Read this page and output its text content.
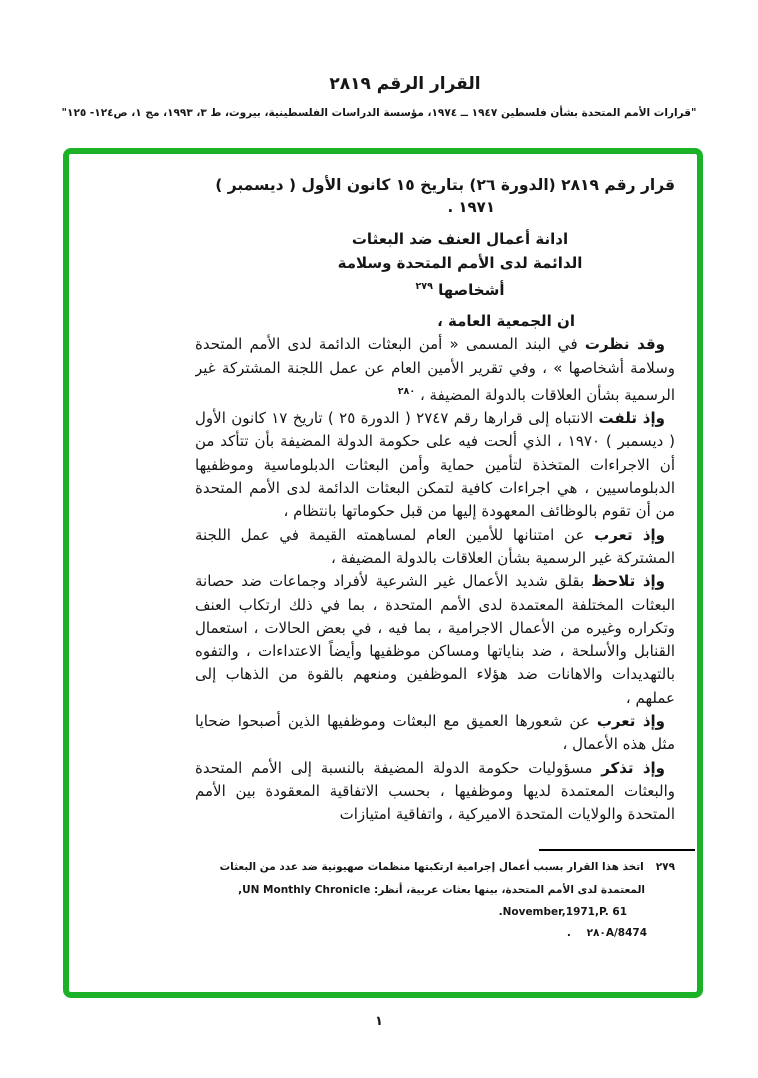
القرار الرقم ٢٨١٩
"قرارات الأمم المتحدة بشأن فلسطين ١٩٤٧ ــ ١٩٧٤، مؤسسة الدراسات الفلسطينية، بيروت، ط ٣، ١٩٩٣، مج ١، ص١٢٤- ١٢٥"
قرار رقم ٢٨١٩ (الدورة ٢٦) بتاريخ ١٥ كانون الأول ( ديسمبر )
١٩٧١ .
ادانة أعمال العنف ضد البعثات
الدائمة لدى الأمم المتحدة وسلامة
أشخاصها $^{٢٧٩}$

ان الجمعية العامة ،

وقد نظرت في البند المسمى « أمن البعثات الدائمة لدى الأمم المتحدة وسلامة أشخاصها » ، وفي تقرير الأمين العام عن عمل اللجنة المشتركة غير الرسمية بشأن العلاقات بالدولة المضيفة ، $^{٢٨٠}$

وإذ تلفت الانتباه إلى قرارها رقم ٢٧٤٧ ( الدورة ٢٥ ) تاريخ ١٧ كانون الأول ( ديسمبر ) ١٩٧٠ ، الذي ألحت فيه على حكومة الدولة المضيفة بأن تتأكد من أن الاجراءات المتخذة لتأمين حماية وأمن البعثات الدبلوماسية وموظفيها الدبلوماسيين ، هي اجراءات كافية لتمكن البعثات الدائمة لدى الأمم المتحدة من أن تقوم بالوظائف المعهودة إليها من قبل حكوماتها بانتظام ،

وإذ تعرب عن امتنانها للأمين العام لمساهمته القيمة في عمل اللجنة المشتركة غير الرسمية بشأن العلاقات بالدولة المضيفة ،

وإذ تلاحظ بقلق شديد الأعمال غير الشرعية لأفراد وجماعات ضد حصانة البعثات المختلفة المعتمدة لدى الأمم المتحدة ، بما في ذلك ارتكاب العنف وتكراره وغيره من الأعمال الاجرامية ، بما فيه ، في بعض الحالات ، استعمال القنابل والأسلحة ، ضد بناياتها ومساكن موظفيها وأيضاً الاعتداءات ، والتفوه بالتهديدات والاهانات ضد هؤلاء الموظفين ومنعهم بالقوة من الذهاب إلى عملهم ،

وإذ تعرب عن شعورها العميق مع البعثات وموظفيها الذين أصبحوا ضحايا مثل هذه الأعمال ،

وإذ تذكر مسؤوليات حكومة الدولة المضيفة بالنسبة إلى الأمم المتحدة والبعثات المعتمدة لديها وموظفيها ، بحسب الاتفاقية المعقودة بين الأمم المتحدة والولايات المتحدة الاميركية ، واتفاقية امتيازات

٢٧٩اتخذ هذا القرار بسبب أعمال إجرامية ارتكبتها منظمات صهيونية ضد عدد من البعثات
المعتمدة لدى الأمم المتحدة، بينها بعثات عربية، أنظر: UN Monthly Chronicle,
November,1971,P. 61.
٢٨٠A/8474 .
١
